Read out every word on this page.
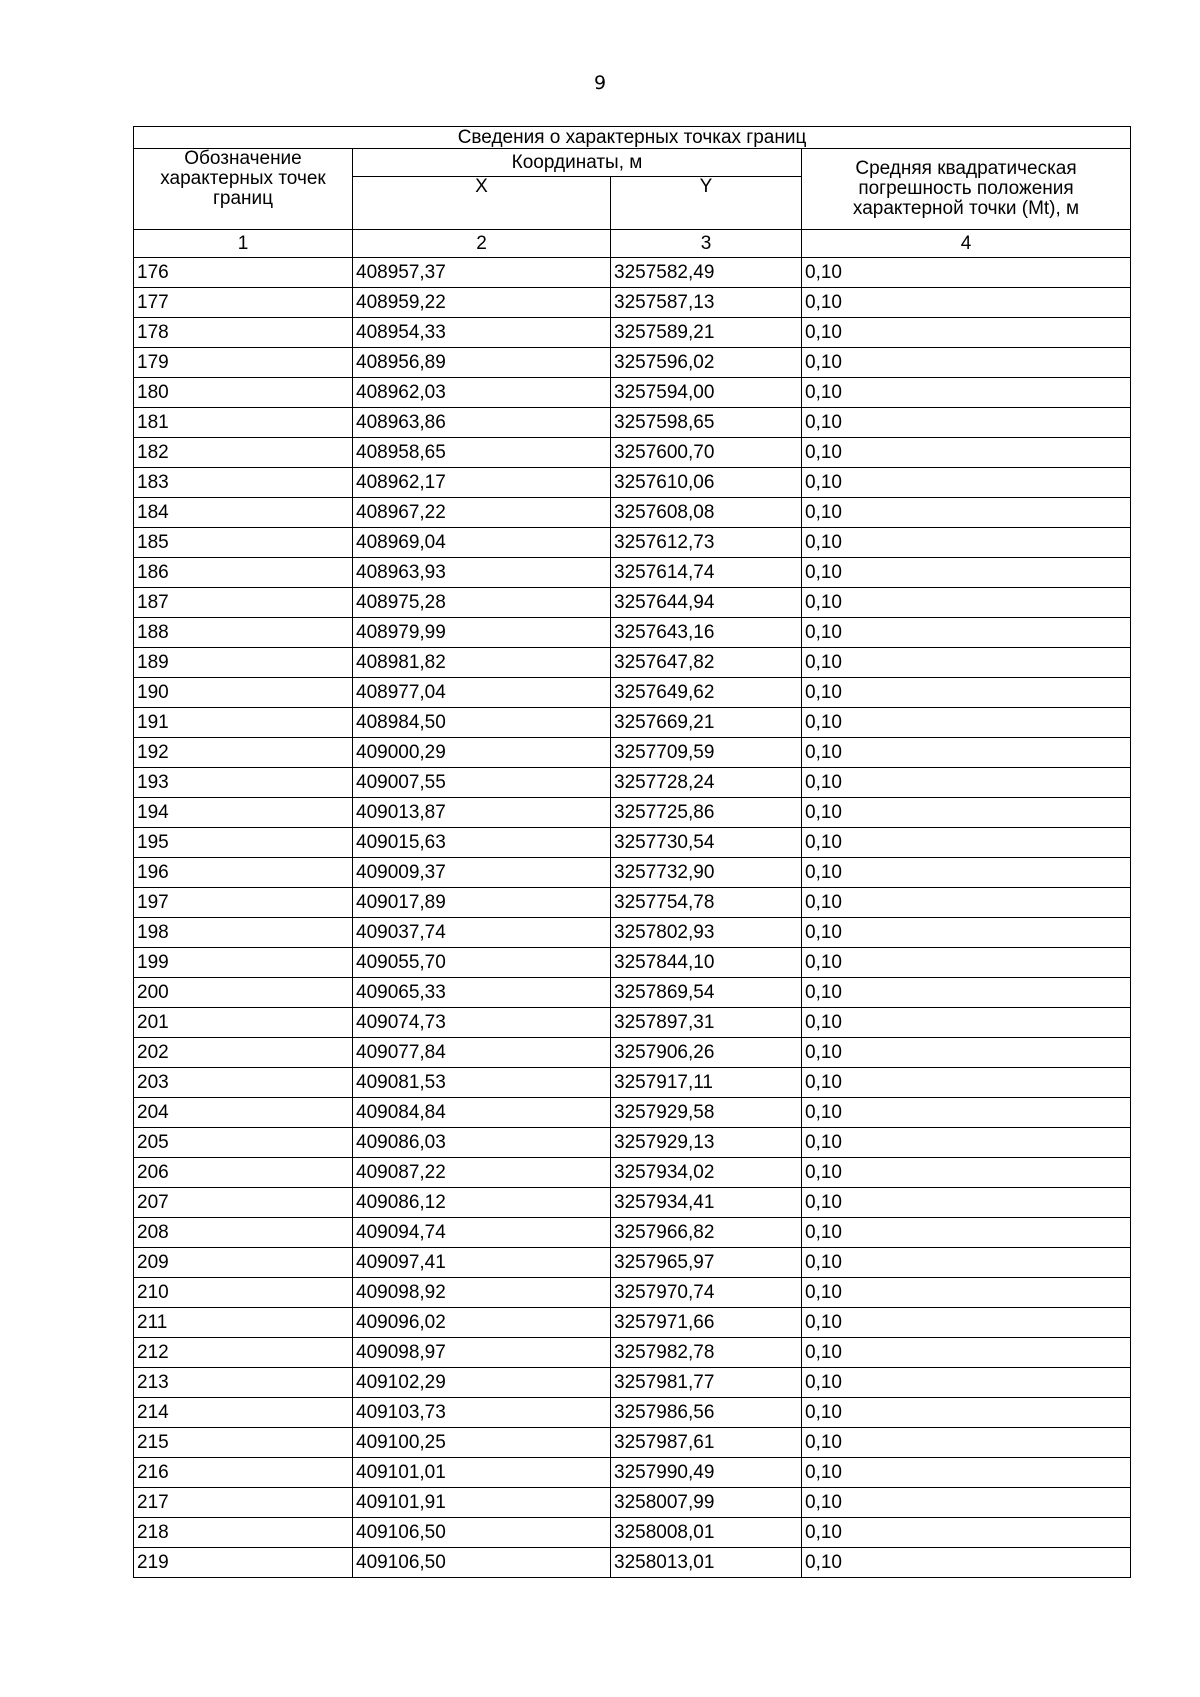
9
Сведения о характерных точках границ			
Обозначение характерных точек границ	Координаты, м		Средняя квадратическая погрешность положения характерной точки (Mt), м
	X	Y	
1	2	3	4
176	408957,37	3257582,49	0,10
177	408959,22	3257587,13	0,10
178	408954,33	3257589,21	0,10
179	408956,89	3257596,02	0,10
180	408962,03	3257594,00	0,10
181	408963,86	3257598,65	0,10
182	408958,65	3257600,70	0,10
183	408962,17	3257610,06	0,10
184	408967,22	3257608,08	0,10
185	408969,04	3257612,73	0,10
186	408963,93	3257614,74	0,10
187	408975,28	3257644,94	0,10
188	408979,99	3257643,16	0,10
189	408981,82	3257647,82	0,10
190	408977,04	3257649,62	0,10
191	408984,50	3257669,21	0,10
192	409000,29	3257709,59	0,10
193	409007,55	3257728,24	0,10
194	409013,87	3257725,86	0,10
195	409015,63	3257730,54	0,10
196	409009,37	3257732,90	0,10
197	409017,89	3257754,78	0,10
198	409037,74	3257802,93	0,10
199	409055,70	3257844,10	0,10
200	409065,33	3257869,54	0,10
201	409074,73	3257897,31	0,10
202	409077,84	3257906,26	0,10
203	409081,53	3257917,11	0,10
204	409084,84	3257929,58	0,10
205	409086,03	3257929,13	0,10
206	409087,22	3257934,02	0,10
207	409086,12	3257934,41	0,10
208	409094,74	3257966,82	0,10
209	409097,41	3257965,97	0,10
210	409098,92	3257970,74	0,10
211	409096,02	3257971,66	0,10
212	409098,97	3257982,78	0,10
213	409102,29	3257981,77	0,10
214	409103,73	3257986,56	0,10
215	409100,25	3257987,61	0,10
216	409101,01	3257990,49	0,10
217	409101,91	3258007,99	0,10
218	409106,50	3258008,01	0,10
219	409106,50	3258013,01	0,10
